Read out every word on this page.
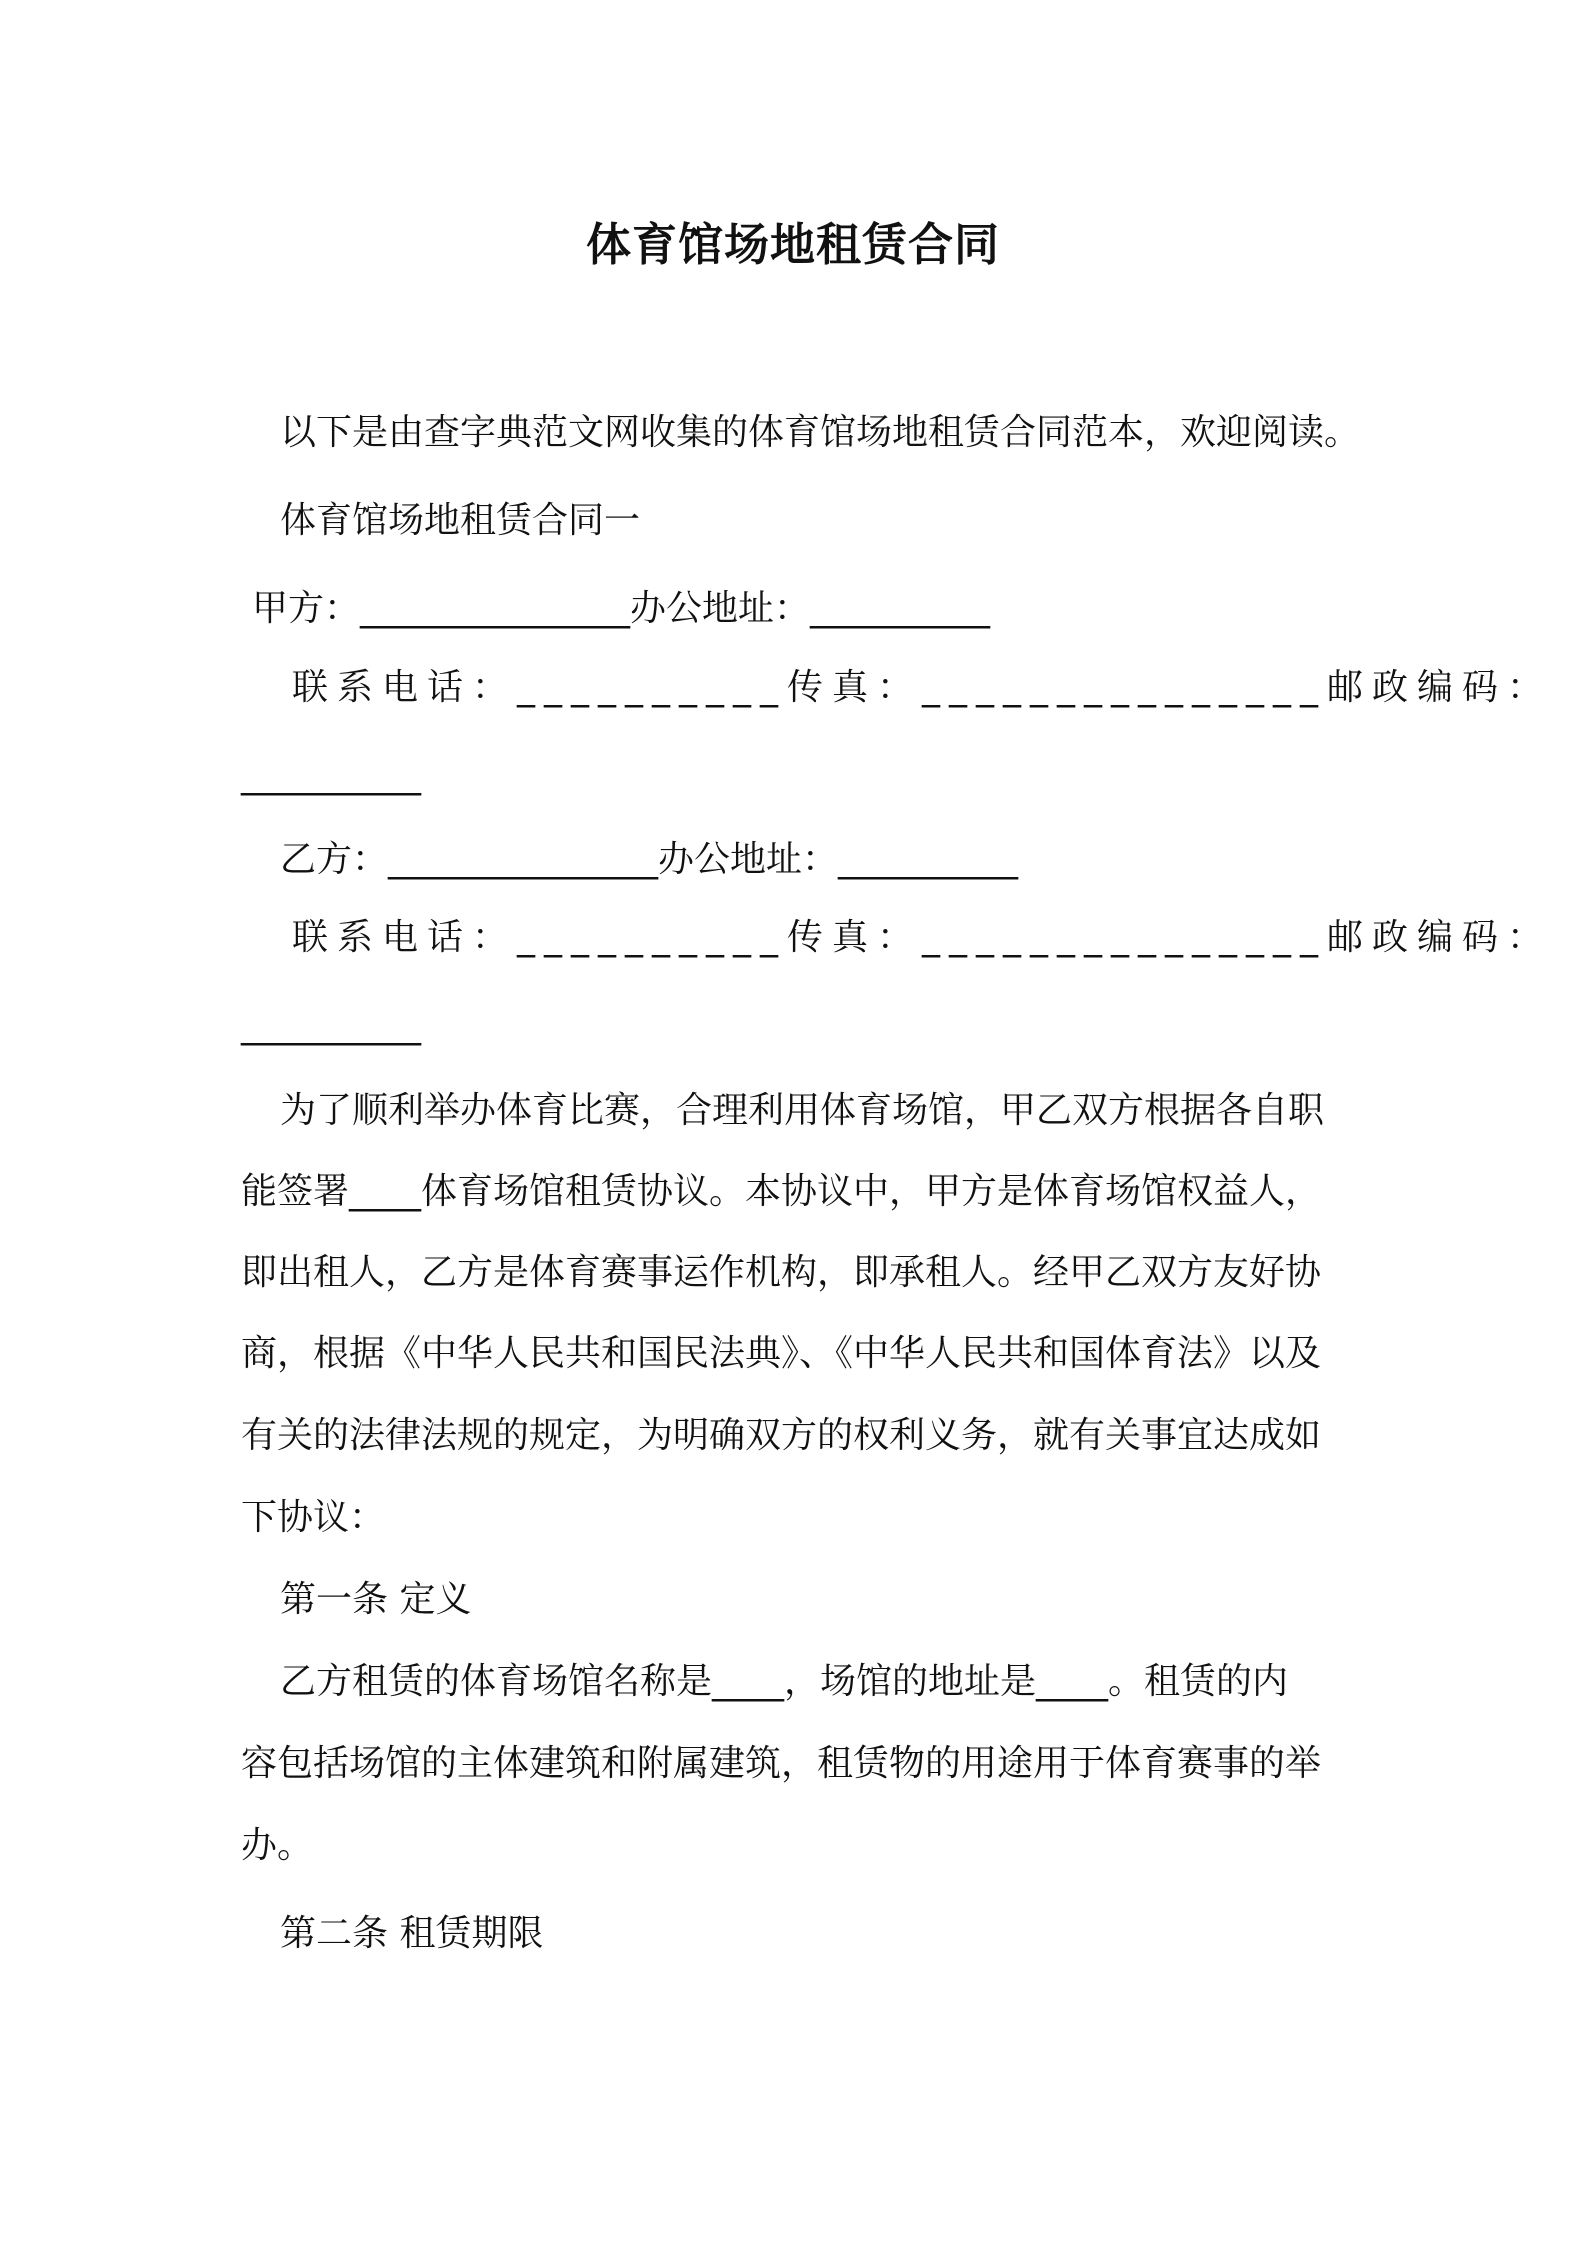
体育馆场地租赁合同
以下是由查字典范文网收集的体育馆场地租赁合同范本，欢迎阅读。
体育馆场地租赁合同一
甲方：_______________办公地址：__________
联系电话：__________传真：_______________邮政编码：
__________
乙方：_______________办公地址：__________
联系电话：__________传真：_______________邮政编码：
__________
为了顺利举办体育比赛，合理利用体育场馆，甲乙双方根据各自职
能签署____体育场馆租赁协议。本协议中，甲方是体育场馆权益人，
即出租人，乙方是体育赛事运作机构，即承租人。经甲乙双方友好协
商，根据《中华人民共和国民法典》、《中华人民共和国体育法》以及
有关的法律法规的规定，为明确双方的权利义务，就有关事宜达成如
下协议：
第一条 定义
乙方租赁的体育场馆名称是____，场馆的地址是____。租赁的内
容包括场馆的主体建筑和附属建筑，租赁物的用途用于体育赛事的举
办。
第二条 租赁期限
